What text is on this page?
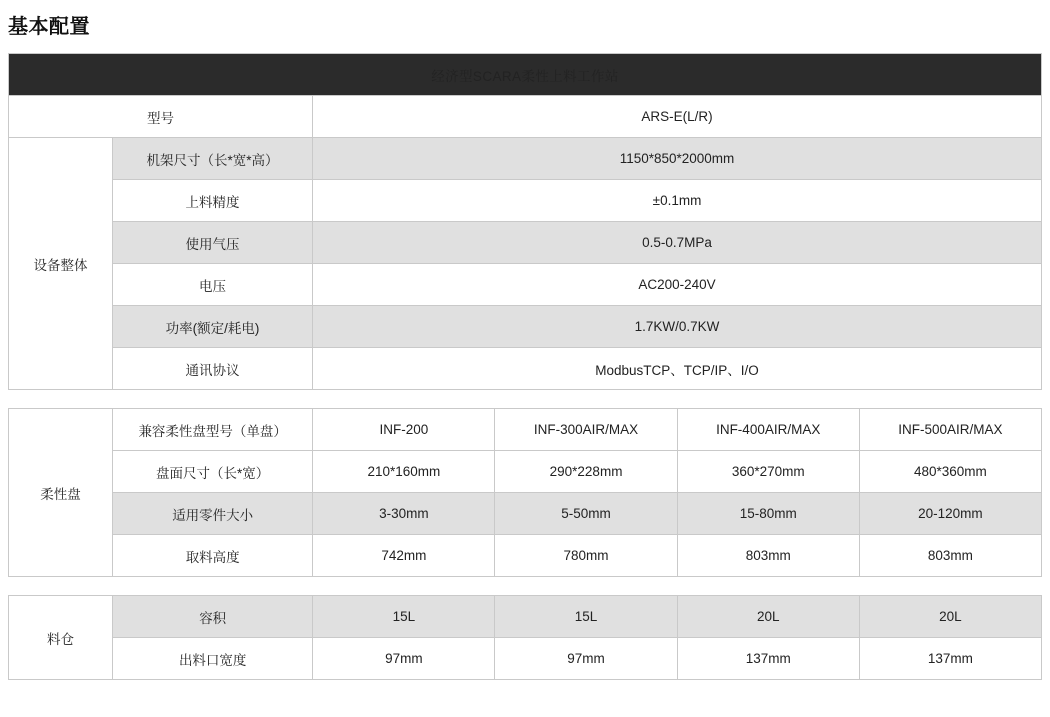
基本配置
经济型SCARA柔性上料工作站		
型号		ARS-E(L/R)
设备整体	机架尺寸（长*宽*高）	1150*850*2000mm
	上料精度	±0.1mm
	使用气压	0.5-0.7MPa
	电压	AC200-240V
	功率(额定/耗电)	1.7KW/0.7KW
	通讯协议	ModbusTCP、TCP/IP、I/O
柔性盘	兼容柔性盘型号（单盘）	INF-200	INF-300AIR/MAX	INF-400AIR/MAX	INF-500AIR/MAX
	盘面尺寸（长*宽）	210*160mm	290*228mm	360*270mm	480*360mm
	适用零件大小	3-30mm	5-50mm	15-80mm	20-120mm
	取料高度	742mm	780mm	803mm	803mm
料仓	容积	15L	15L	20L	20L
	出料口宽度	97mm	97mm	137mm	137mm
